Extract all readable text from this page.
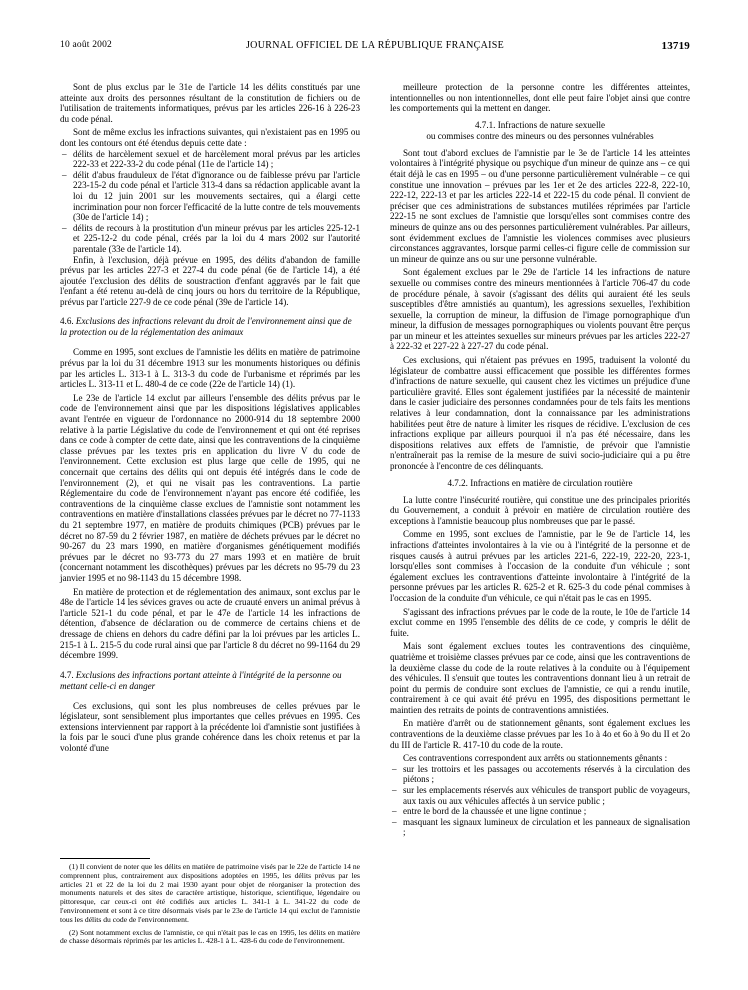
10 août 2002	JOURNAL OFFICIEL DE LA RÉPUBLIQUE FRANÇAISE	13719

Sont de plus exclus par le 31e de l'article 14 les délits constitués par une atteinte aux droits des personnes résultant de la constitution de fichiers ou de l'utilisation de traitements informatiques, prévus par les articles 226-16 à 226-23 du code pénal.

Sont de même exclus les infractions suivantes, qui n'existaient pas en 1995 ou dont les contours ont été étendus depuis cette date :

– délits de harcèlement sexuel et de harcèlement moral prévus par les articles 222-33 et 222-33-2 du code pénal (11e de l'article 14) ;
– délit d'abus frauduleux de l'état d'ignorance ou de faiblesse prévu par l'article 223-15-2 du code pénal et l'article 313-4 dans sa rédaction applicable avant la loi du 12 juin 2001 sur les mouvements sectaires, qui a élargi cette incrimination pour non forcer l'efficacité de la lutte contre de tels mouvements (30e de l'article 14) ;
– délits de recours à la prostitution d'un mineur prévus par les articles 225-12-1 et 225-12-2 du code pénal, créés par la loi du 4 mars 2002 sur l'autorité parentale (33e de l'article 14).

Enfin, à l'exclusion, déjà prévue en 1995, des délits d'abandon de famille prévus par les articles 227-3 et 227-4 du code pénal (6e de l'article 14), a été ajoutée l'exclusion des délits de soustraction d'enfant aggravés par le fait que l'enfant a été retenu au-delà de cinq jours ou hors du territoire de la République, prévus par l'article 227-9 de ce code pénal (39e de l'article 14).

4.6. Exclusions des infractions relevant du droit de l'environnement ainsi que de la protection ou de la réglementation des animaux

Comme en 1995, sont exclues de l'amnistie les délits en matière de patrimoine prévus par la loi du 31 décembre 1913 sur les monuments historiques ou définis par les articles L. 313-1 à L. 313-3 du code de l'urbanisme et réprimés par les articles L. 313-11 et L. 480-4 de ce code (22e de l'article 14) (1).

Le 23e de l'article 14 exclut par ailleurs l'ensemble des délits prévus par le code de l'environnement ainsi que par les dispositions législatives applicables avant l'entrée en vigueur de l'ordonnance no 2000-914 du 18 septembre 2000 relative à la partie Législative du code de l'environnement et qui ont été reprises dans ce code à compter de cette date, ainsi que les contraventions de la cinquième classe prévues par les textes pris en application du livre V du code de l'environnement. Cette exclusion est plus large que celle de 1995, qui ne concernait que certains des délits qui ont depuis été intégrés dans le code de l'environnement (2), et qui ne visait pas les contraventions. La partie Réglementaire du code de l'environnement n'ayant pas encore été codifiée, les contraventions de la cinquième classe exclues de l'amnistie sont notamment les contraventions en matière d'installations classées prévues par le décret no 77-1133 du 21 septembre 1977, en matière de produits chimiques (PCB) prévues par le décret no 87-59 du 2 février 1987, en matière de déchets prévues par le décret no 90-267 du 23 mars 1990, en matière d'organismes génétiquement modifiés prévues par le décret no 93-773 du 27 mars 1993 et en matière de bruit (concernant notamment les discothèques) prévues par les décrets no 95-79 du 23 janvier 1995 et no 98-1143 du 15 décembre 1998.

En matière de protection et de réglementation des animaux, sont exclus par le 48e de l'article 14 les sévices graves ou acte de cruauté envers un animal prévus à l'article 521-1 du code pénal, et par le 47e de l'article 14 les infractions de détention, d'absence de déclaration ou de commerce de certains chiens et de dressage de chiens en dehors du cadre défini par la loi prévues par les articles L. 215-1 à L. 215-5 du code rural ainsi que par l'article 8 du décret no 99-1164 du 29 décembre 1999.

4.7. Exclusions des infractions portant atteinte à l'intégrité de la personne ou mettant celle-ci en danger

Ces exclusions, qui sont les plus nombreuses de celles prévues par le législateur, sont sensiblement plus importantes que celles prévues en 1995. Ces extensions interviennent par rapport à la précédente loi d'amnistie sont justifiées à la fois par le souci d'une plus grande cohérence dans les choix retenus et par la volonté d'une

meilleure protection de la personne contre les différentes atteintes, intentionnelles ou non intentionnelles, dont elle peut faire l'objet ainsi que contre les comportements qui la mettent en danger.

4.7.1. Infractions de nature sexuelle
ou commises contre des mineurs ou des personnes vulnérables

Sont tout d'abord exclues de l'amnistie par le 3e de l'article 14 les atteintes volontaires à l'intégrité physique ou psychique d'un mineur de quinze ans – ce qui était déjà le cas en 1995 – ou d'une personne particulièrement vulnérable – ce qui constitue une innovation – prévues par les 1er et 2e des articles 222-8, 222-10, 222-12, 222-13 et par les articles 222-14 et 222-15 du code pénal. Il convient de préciser que ces administrations de substances mutilées réprimées par l'article 222-15 ne sont exclues de l'amnistie que lorsqu'elles sont commises contre des mineurs de quinze ans ou des personnes particulièrement vulnérables. Par ailleurs, sont évidemment exclues de l'amnistie les violences commises avec plusieurs circonstances aggravantes, lorsque parmi celles-ci figure celle de commission sur un mineur de quinze ans ou sur une personne vulnérable.

Sont également exclues par le 29e de l'article 14 les infractions de nature sexuelle ou commises contre des mineurs mentionnées à l'article 706-47 du code de procédure pénale, à savoir (s'agissant des délits qui auraient été les seuls susceptibles d'être amnistiés au quantum), les agressions sexuelles, l'exhibition sexuelle, la corruption de mineur, la diffusion de l'image pornographique d'un mineur, la diffusion de messages pornographiques ou violents pouvant être perçus par un mineur et les atteintes sexuelles sur mineurs prévues par les articles 222-27 à 222-32 et 227-22 à 227-27 du code pénal.

Ces exclusions, qui n'étaient pas prévues en 1995, traduisent la volonté du législateur de combattre aussi efficacement que possible les différentes formes d'infractions de nature sexuelle, qui causent chez les victimes un préjudice d'une particulière gravité. Elles sont également justifiées par la nécessité de maintenir dans le casier judiciaire des personnes condamnées pour de tels faits les mentions relatives à leur condamnation, dont la connaissance par les administrations habilitées peut être de nature à limiter les risques de récidive. L'exclusion de ces infractions explique par ailleurs pourquoi il n'a pas été nécessaire, dans les dispositions relatives aux effets de l'amnistie, de prévoir que l'amnistie n'entraînerait pas la remise de la mesure de suivi socio-judiciaire qui a pu être prononcée à l'encontre de ces délinquants.

4.7.2. Infractions en matière de circulation routière

La lutte contre l'insécurité routière, qui constitue une des principales priorités du Gouvernement, a conduit à prévoir en matière de circulation routière des exceptions à l'amnistie beaucoup plus nombreuses que par le passé.

Comme en 1995, sont exclues de l'amnistie, par le 9e de l'article 14, les infractions d'atteintes involontaires à la vie ou à l'intégrité de la personne et de risques causés à autrui prévues par les articles 221-6, 222-19, 222-20, 223-1, lorsqu'elles sont commises à l'occasion de la conduite d'un véhicule ; sont également exclues les contraventions d'atteinte involontaire à l'intégrité de la personne prévues par les articles R. 625-2 et R. 625-3 du code pénal commises à l'occasion de la conduite d'un véhicule, ce qui n'était pas le cas en 1995.

S'agissant des infractions prévues par le code de la route, le 10e de l'article 14 exclut comme en 1995 l'ensemble des délits de ce code, y compris le délit de fuite.

Mais sont également exclues toutes les contraventions des cinquième, quatrième et troisième classes prévues par ce code, ainsi que les contraventions de la deuxième classe du code de la route relatives à la conduite ou à l'équipement des véhicules. Il s'ensuit que toutes les contraventions donnant lieu à un retrait de point du permis de conduire sont exclues de l'amnistie, ce qui a rendu inutile, contrairement à ce qui avait été prévu en 1995, des dispositions permettant le maintien des retraits de points de contraventions amnistiées.

En matière d'arrêt ou de stationnement gênants, sont également exclues les contraventions de la deuxième classe prévues par les 1o à 4o et 6o à 9o du II et 2o du III de l'article R. 417-10 du code de la route.

Ces contraventions correspondent aux arrêts ou stationnements gênants :

– sur les trottoirs et les passages ou accotements réservés à la circulation des piétons ;
– sur les emplacements réservés aux véhicules de transport public de voyageurs, aux taxis ou aux véhicules affectés à un service public ;
– entre le bord de la chaussée et une ligne continue ;
– masquant les signaux lumineux de circulation et les panneaux de signalisation ;

(1) Il convient de noter que les délits en matière de patrimoine visés par le 22e de l'article 14 ne comprennent plus, contrairement aux dispositions adoptées en 1995, les délits prévus par les articles 21 et 22 de la loi du 2 mai 1930 ayant pour objet de réorganiser la protection des monuments naturels et des sites de caractère artistique, historique, scientifique, légendaire ou pittoresque, car ceux-ci ont été codifiés aux articles L. 341-1 à L. 341-22 du code de l'environnement et sont à ce titre désormais visés par le 23e de l'article 14 qui exclut de l'amnistie tous les délits du code de l'environnement.

(2) Sont notamment exclus de l'amnistie, ce qui n'était pas le cas en 1995, les délits en matière de chasse désormais réprimés par les articles L. 428-1 à L. 428-6 du code de l'environnement.
